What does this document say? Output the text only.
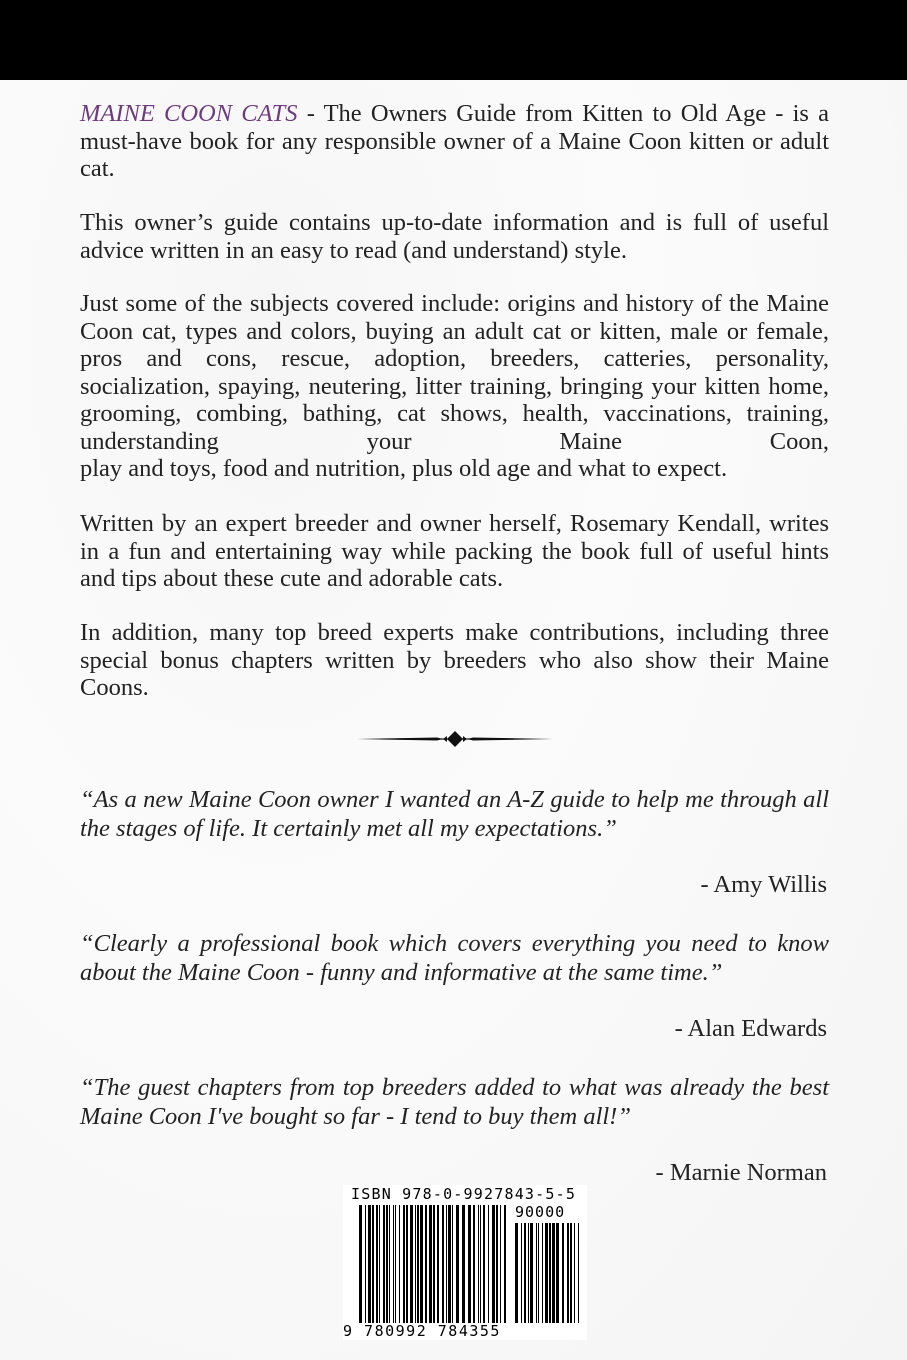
MAINE COON CATS - The Owners Guide from Kitten to Old Age - is a must-have book for any responsible owner of a Maine Coon kitten or adult cat.

This owner’s guide contains up-to-date information and is full of useful advice written in an easy to read (and understand) style.

Just some of the subjects covered include: origins and history of the Maine Coon cat, types and colors, buying an adult cat or kitten, male or female, pros and cons, rescue, adoption, breeders, catteries, personality, socialization, spaying, neutering, litter training, bringing your kitten home, grooming, combing, bathing, cat shows, health, vaccinations, training, understanding your Maine Coon,
play and toys, food and nutrition, plus old age and what to expect.

Written by an expert breeder and owner herself, Rosemary Kendall, writes in a fun and entertaining way while packing the book full of useful hints and tips about these cute and adorable cats.

In addition, many top breed experts make contributions, including three special bonus chapters written by breeders who also show their Maine Coons.

“As a new Maine Coon owner I wanted an A-Z guide to help me through all the stages of life. It certainly met all my expectations.”
- Amy Willis
“Clearly a professional book which covers everything you need to know about the Maine Coon - funny and informative at the same time.”
- Alan Edwards
“The guest chapters from top breeders added to what was already the best Maine Coon I've bought so far - I tend to buy them all!”
- Marnie Norman
ISBN 978-0-9927843-5-5
90000
9 780992 784355
